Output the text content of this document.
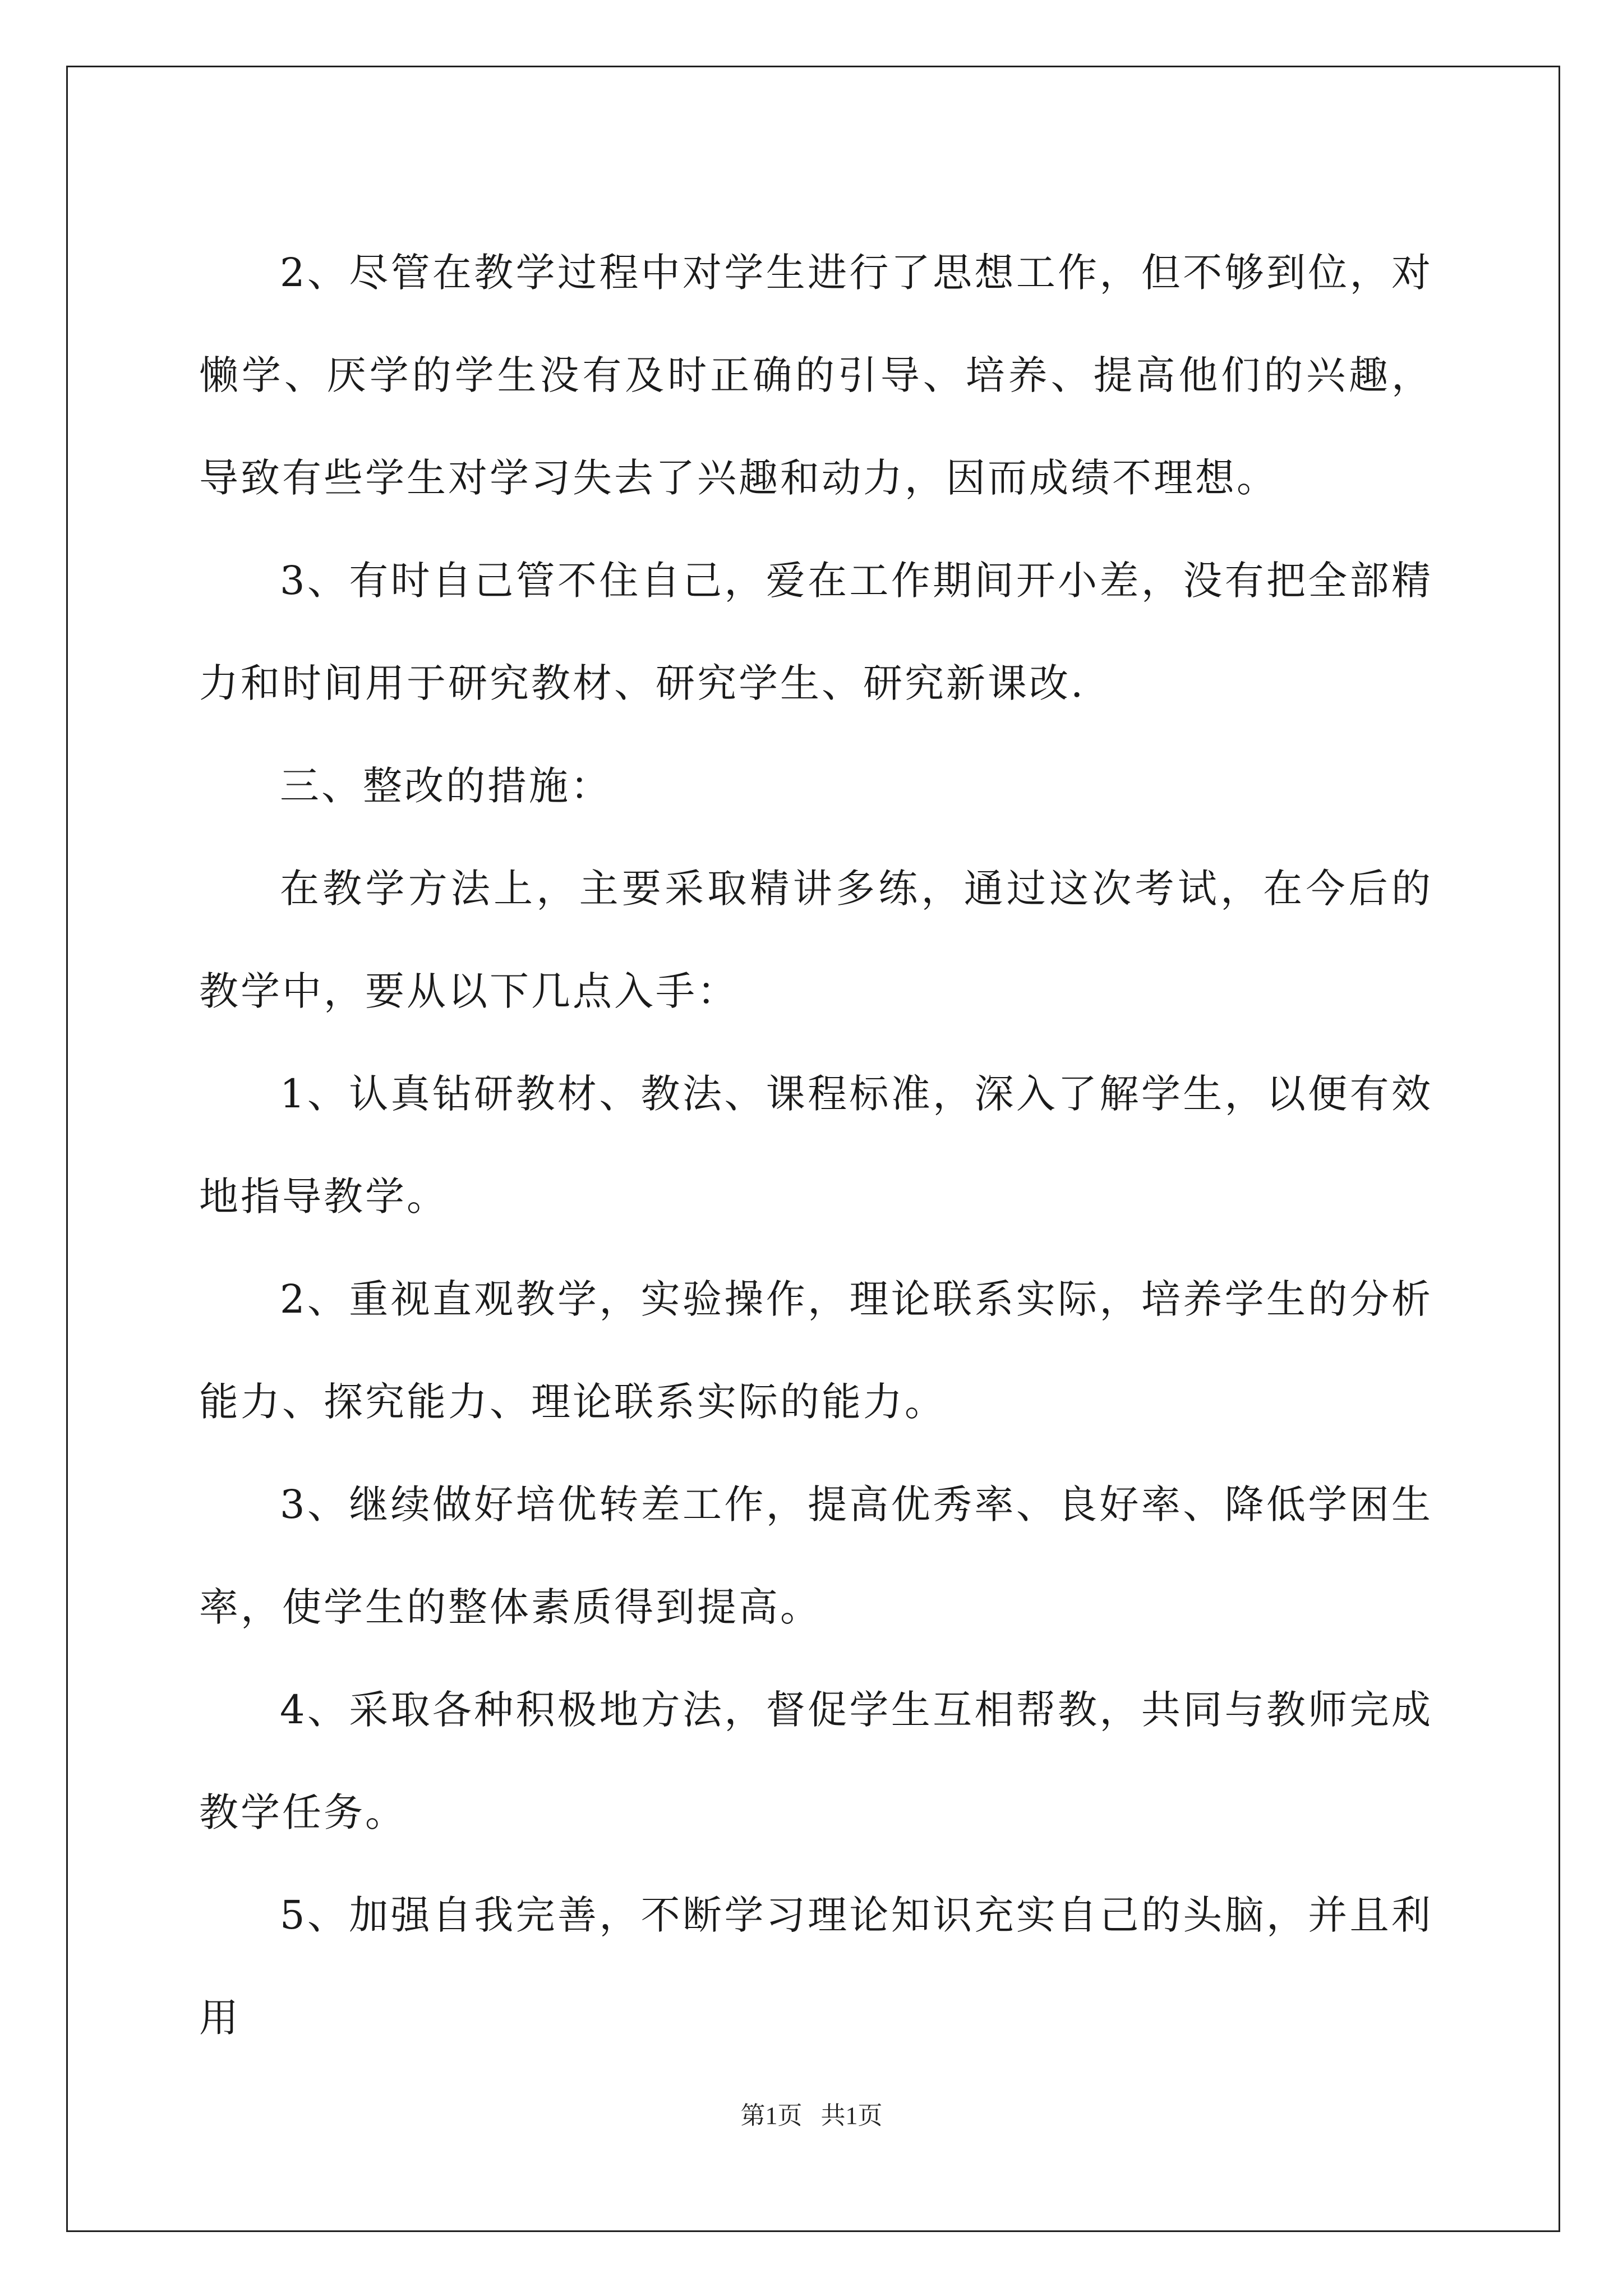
2、尽管在教学过程中对学生进行了思想工作，但不够到位，对懒学、厌学的学生没有及时正确的引导、培养、提高他们的兴趣，导致有些学生对学习失去了兴趣和动力，因而成绩不理想。

3、有时自己管不住自己，爱在工作期间开小差，没有把全部精力和时间用于研究教材、研究学生、研究新课改.

三、整改的措施：

在教学方法上，主要采取精讲多练，通过这次考试，在今后的教学中，要从以下几点入手：

1、认真钻研教材、教法、课程标准，深入了解学生，以便有效地指导教学。

2、重视直观教学，实验操作，理论联系实际，培养学生的分析能力、探究能力、理论联系实际的能力。

3、继续做好培优转差工作，提高优秀率、良好率、降低学困生率，使学生的整体素质得到提高。

4、采取各种积极地方法，督促学生互相帮教，共同与教师完成教学任务。

5、加强自我完善，不断学习理论知识充实自己的头脑，并且利用

第1页 共1页
